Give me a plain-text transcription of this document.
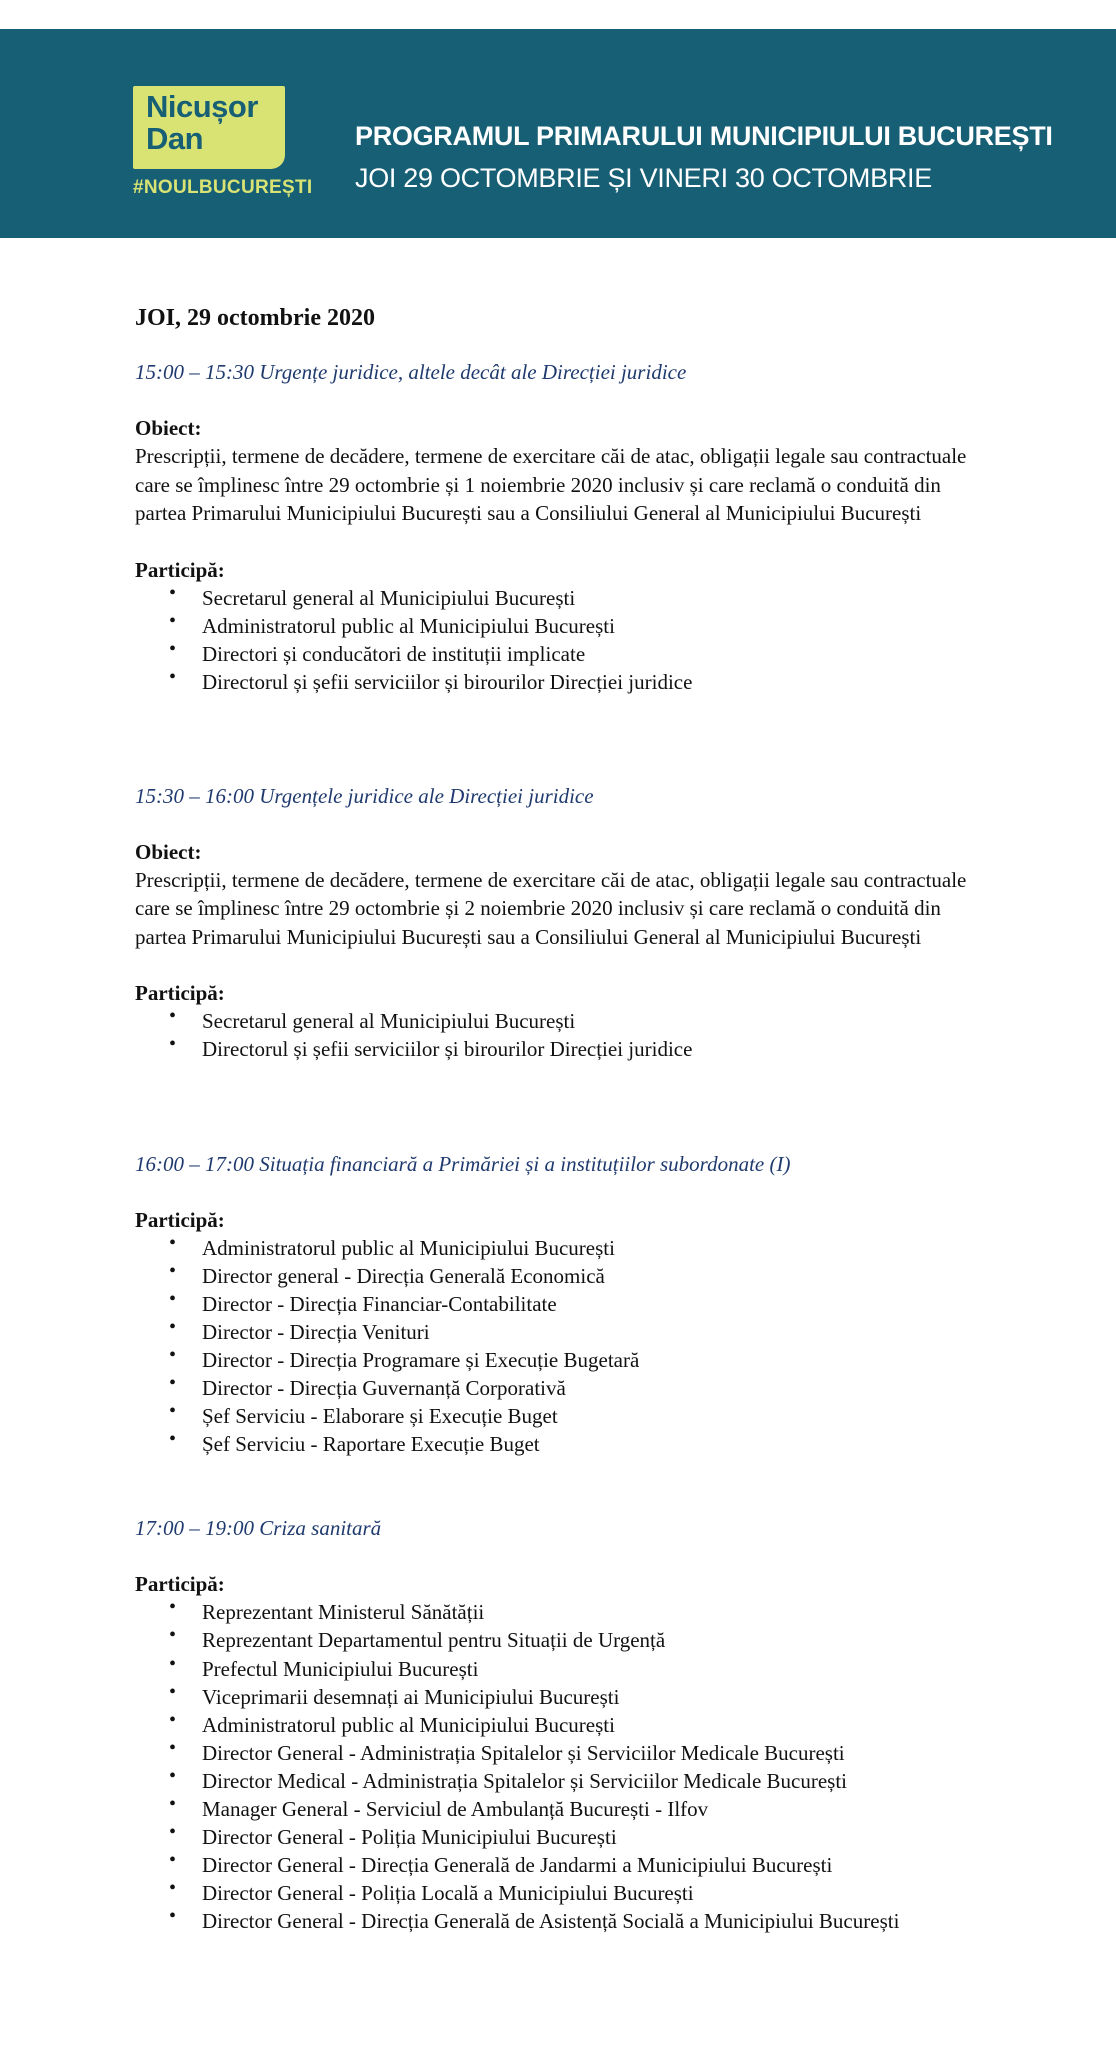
Nicușor Dan
#NOULBUCUREȘTI
PROGRAMUL PRIMARULUI MUNICIPIULUI BUCUREȘTI
JOI 29 OCTOMBRIE ȘI VINERI 30 OCTOMBRIE
JOI, 29 octombrie 2020
15:00 – 15:30 Urgențe juridice, altele decât ale Direcției juridice
Obiect:
Prescripții, termene de decădere, termene de exercitare căi de atac, obligații legale sau contractuale care se împlinesc între 29 octombrie și 1 noiembrie 2020 inclusiv și care reclamă o conduită din partea Primarului Municipiului București sau a Consiliului General al Municipiului București
Participă:
• Secretarul general al Municipiului București
• Administratorul public al Municipiului București
• Directori și conducători de instituții implicate
• Directorul și șefii serviciilor și birourilor Direcției juridice
15:30 – 16:00 Urgențele juridice ale Direcției juridice
Obiect:
Prescripții, termene de decădere, termene de exercitare căi de atac, obligații legale sau contractuale care se împlinesc între 29 octombrie și 2 noiembrie 2020 inclusiv și care reclamă o conduită din partea Primarului Municipiului București sau a Consiliului General al Municipiului București
Participă:
• Secretarul general al Municipiului București
• Directorul și șefii serviciilor și birourilor Direcției juridice
16:00 – 17:00 Situația financiară a Primăriei și a instituțiilor subordonate (I)
Participă:
• Administratorul public al Municipiului București
• Director general - Direcția Generală Economică
• Director - Direcția Financiar-Contabilitate
• Director - Direcția Venituri
• Director - Direcția Programare și Execuție Bugetară
• Director - Direcția Guvernanță Corporativă
• Șef Serviciu - Elaborare și Execuție Buget
• Șef Serviciu - Raportare Execuție Buget
17:00 – 19:00 Criza sanitară
Participă:
• Reprezentant Ministerul Sănătății
• Reprezentant Departamentul pentru Situații de Urgență
• Prefectul Municipiului București
• Viceprimarii desemnați ai Municipiului București
• Administratorul public al Municipiului București
• Director General - Administrația Spitalelor și Serviciilor Medicale București
• Director Medical - Administrația Spitalelor și Serviciilor Medicale București
• Manager General - Serviciul de Ambulanță București - Ilfov
• Director General - Poliția Municipiului București
• Director General - Direcția Generală de Jandarmi a Municipiului București
• Director General - Poliția Locală a Municipiului București
• Director General - Direcția Generală de Asistență Socială a Municipiului București
